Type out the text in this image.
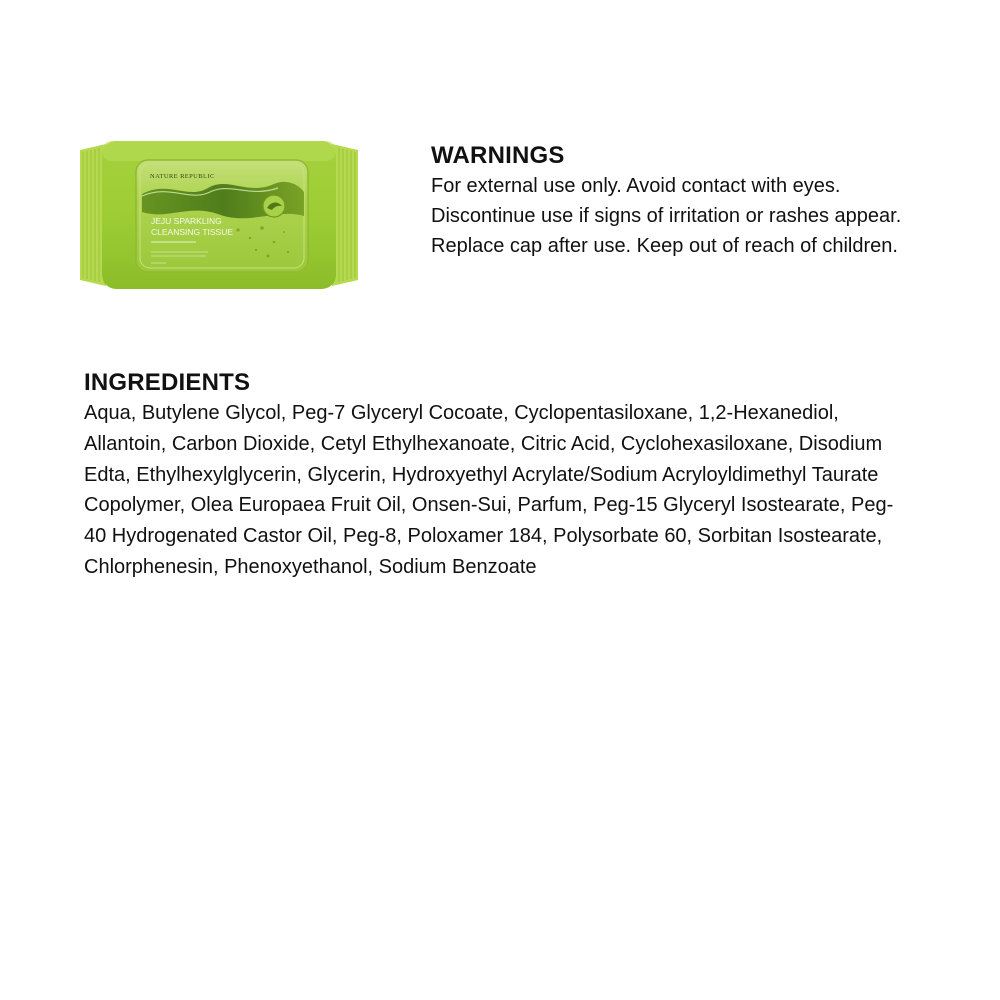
NATURE REPUBLIC
JEJU SPARKLING
CLEANSING TISSUE
WARNINGS
For external use only. Avoid contact with eyes.
Discontinue use if signs of irritation or rashes appear.
Replace cap after use. Keep out of reach of children.
INGREDIENTS

Aqua, Butylene Glycol, Peg-7 Glyceryl Cocoate, Cyclopentasiloxane, 1,2-Hexanediol, Allantoin, Carbon Dioxide, Cetyl Ethylhexanoate, Citric Acid, Cyclohexasiloxane, Disodium Edta, Ethylhexylglycerin, Glycerin, Hydroxyethyl Acrylate/Sodium Acryloyldimethyl Taurate Copolymer, Olea Europaea Fruit Oil, Onsen-Sui, Parfum, Peg-15 Glyceryl Isostearate, Peg-40 Hydrogenated Castor Oil, Peg-8, Poloxamer 184, Polysorbate 60, Sorbitan Isostearate, Chlorphenesin, Phenoxyethanol, Sodium Benzoate
